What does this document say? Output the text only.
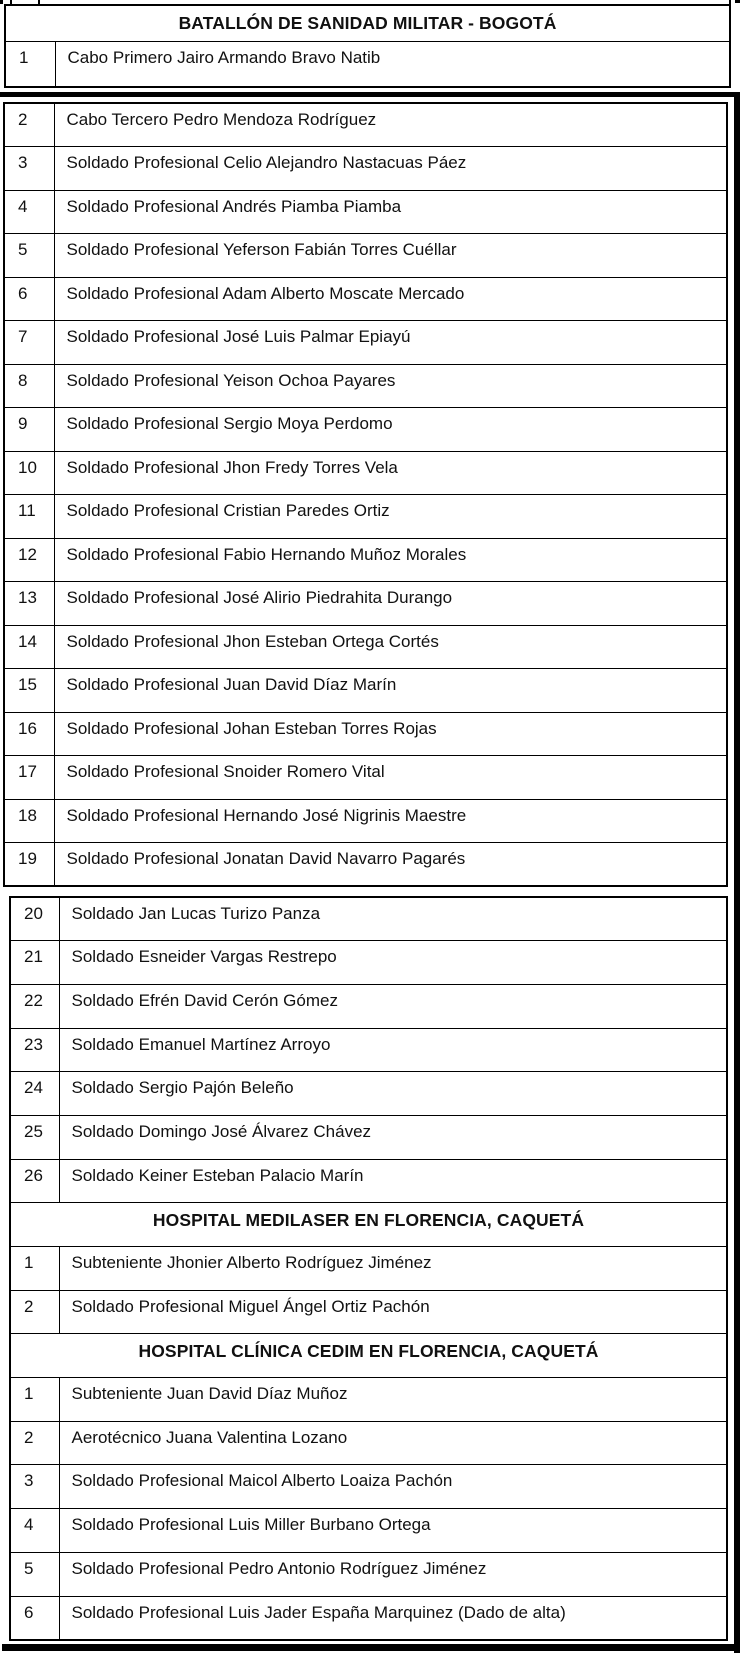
BATALLÓN DE SANIDAD MILITAR - BOGOTÁ
1	Cabo Primero Jairo Armando Bravo Natib
2	Cabo Tercero Pedro Mendoza Rodríguez
3	Soldado Profesional Celio Alejandro Nastacuas Páez
4	Soldado Profesional Andrés Piamba Piamba
5	Soldado Profesional Yeferson Fabián Torres Cuéllar
6	Soldado Profesional Adam Alberto Moscate Mercado
7	Soldado Profesional José Luis Palmar Epiayú
8	Soldado Profesional Yeison Ochoa Payares
9	Soldado Profesional Sergio Moya Perdomo
10	Soldado Profesional Jhon Fredy Torres Vela
11	Soldado Profesional Cristian Paredes Ortiz
12	Soldado Profesional Fabio Hernando Muñoz Morales
13	Soldado Profesional José Alirio Piedrahita Durango
14	Soldado Profesional Jhon Esteban Ortega Cortés
15	Soldado Profesional Juan David Díaz Marín
16	Soldado Profesional Johan Esteban Torres Rojas
17	Soldado Profesional Snoider Romero Vital
18	Soldado Profesional Hernando José Nigrinis Maestre
19	Soldado Profesional Jonatan David Navarro Pagarés
20	Soldado Jan Lucas Turizo Panza
21	Soldado Esneider Vargas Restrepo
22	Soldado Efrén David Cerón Gómez
23	Soldado Emanuel Martínez Arroyo
24	Soldado Sergio Pajón Beleño
25	Soldado Domingo José Álvarez Chávez
26	Soldado Keiner Esteban Palacio Marín
HOSPITAL MEDILASER EN FLORENCIA, CAQUETÁ	
1	Subteniente Jhonier Alberto Rodríguez Jiménez
2	Soldado Profesional Miguel Ángel Ortiz Pachón
HOSPITAL CLÍNICA CEDIM EN FLORENCIA, CAQUETÁ	
1	Subteniente Juan David Díaz Muñoz
2	Aerotécnico Juana Valentina Lozano
3	Soldado Profesional Maicol Alberto Loaiza Pachón
4	Soldado Profesional Luis Miller Burbano Ortega
5	Soldado Profesional Pedro Antonio Rodríguez Jiménez
6	Soldado Profesional Luis Jader España Marquinez (Dado de alta)
